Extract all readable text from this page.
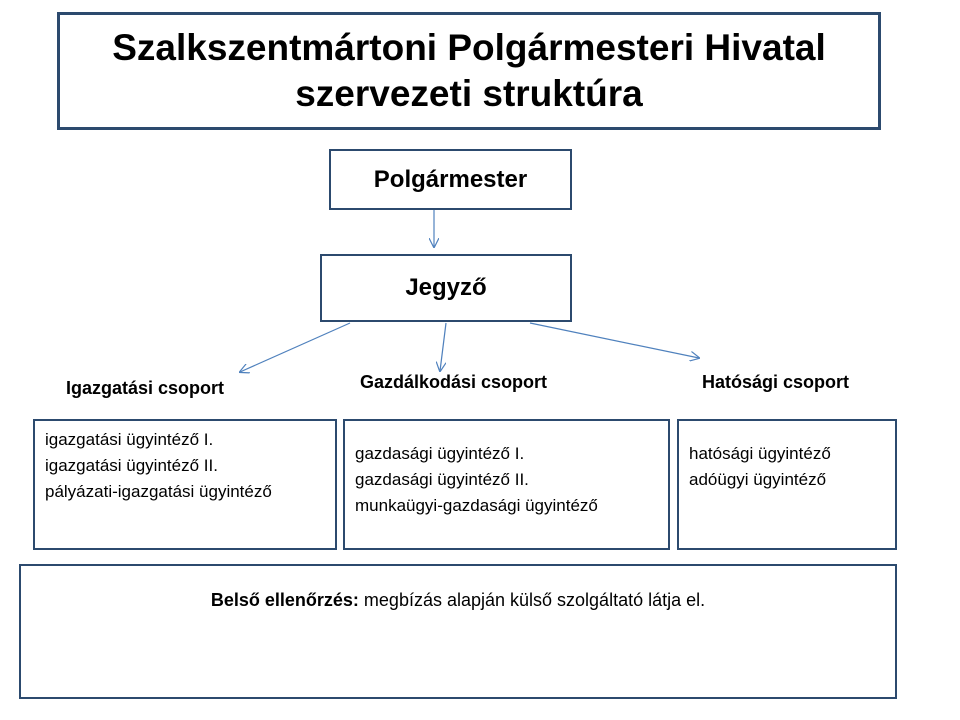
Szalkszentmártoni Polgármesteri Hivatal
szervezeti struktúra
Polgármester
Jegyző
Igazgatási csoport	Gazdálkodási csoport	Hatósági csoport
igazgatási ügyintéző I.
igazgatási ügyintéző II.
pályázati-igazgatási ügyintéző
gazdasági ügyintéző I.
gazdasági ügyintéző II.
munkaügyi-gazdasági ügyintéző
hatósági ügyintéző
adóügyi ügyintéző
Belső ellenőrzés: megbízás alapján külső szolgáltató látja el.
